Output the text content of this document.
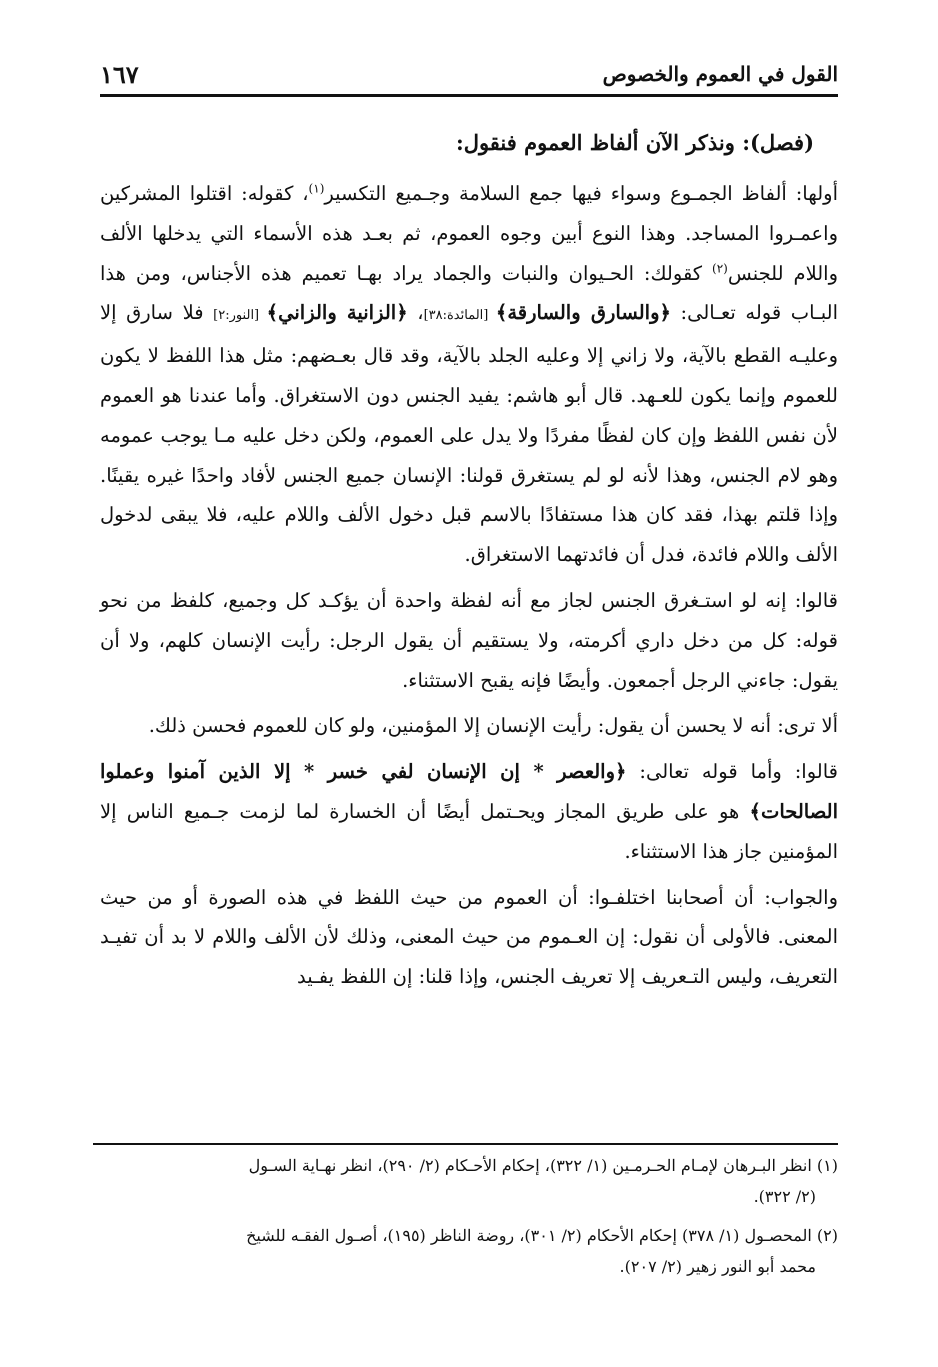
القول في العموم والخصوص
١٦٧

(فصل): ونذكر الآن ألفاظ العموم فنقول:

أولها: ألفاظ الجمـوع وسواء فيها جمع السلامة وجـميع التكسير$^{(١)}$، كقوله: اقتلوا المشركين واعمـروا المساجد. وهذا النوع أبين وجوه العموم، ثم بعـد هذه الأسماء التي يدخلها الألف واللام للجنس$^{(٢)}$ كقولك: الحـيوان والنبات والجماد يراد بهـا تعميم هذه الأجناس، ومن هذا البـاب قوله تعـالى: ﴿والسارق والسارقة﴾ [المائدة:٣٨]، ﴿الزانية والزاني﴾ [النور:٢] فلا سارق إلا وعليـه القطع بالآية، ولا زاني إلا وعليه الجلد بالآية، وقد قال بعـضهم: مثل هذا اللفظ لا يكون للعموم وإنما يكون للعـهد. قال أبو هاشم: يفيد الجنس دون الاستغراق. وأما عندنا هو العموم لأن نفس اللفظ وإن كان لفظًا مفردًا ولا يدل على العموم، ولكن دخل عليه مـا يوجب عمومه وهو لام الجنس، وهذا لأنه لو لم يستغرق قولنا: الإنسان جميع الجنس لأفاد واحدًا غيره يقينًا. وإذا قلتم بهذا، فقد كان هذا مستفادًا بالاسم قبل دخول الألف واللام عليه، فلا يبقى لدخول الألف واللام فائدة، فدل أن فائدتهما الاستغراق.

قالوا: إنه لو استـغرق الجنس لجاز مع أنه لفظة واحدة أن يؤكـد كل وجميع، كلفظ من نحو قوله: كل من دخل داري أكرمته، ولا يستقيم أن يقول الرجل: رأيت الإنسان كلهم، ولا أن يقول: جاءني الرجل أجمعون. وأيضًا فإنه يقبح الاستثناء.

ألا ترى: أنه لا يحسن أن يقول: رأيت الإنسان إلا المؤمنين، ولو كان للعموم فحسن ذلك.

قالوا: وأما قوله تعالى: ﴿والعصر * إن الإنسان لفي خسر * إلا الذين آمنوا وعملوا الصالحات﴾ هو على طريق المجاز ويحـتمل أيضًا أن الخسارة لما لزمت جـميع الناس إلا المؤمنين جاز هذا الاستثناء.

والجواب: أن أصحابنا اختلفـوا: أن العموم من حيث اللفظ في هذه الصورة أو من حيث المعنى. فالأولى أن نقول: إن العـموم من حيث المعنى، وذلك لأن الألف واللام لا بد أن تفيـد التعريف، وليس التـعريف إلا تعريف الجنس، وإذا قلنا: إن اللفظ يفـيد

(١) انظر البـرهان لإمـام الحـرمـين (١/ ٣٢٢)، إحكام الأحـكام (٢/ ٢٩٠)، انظر نهـاية السـول
(٢/ ٣٢٢).

(٢) المحصـول (١/ ٣٧٨) إحكام الأحكام (٢/ ٣٠١)، روضة الناظر (١٩٥)، أصـول الفقـه للشيخ
محمد أبو النور زهير (٢/ ٢٠٧).
